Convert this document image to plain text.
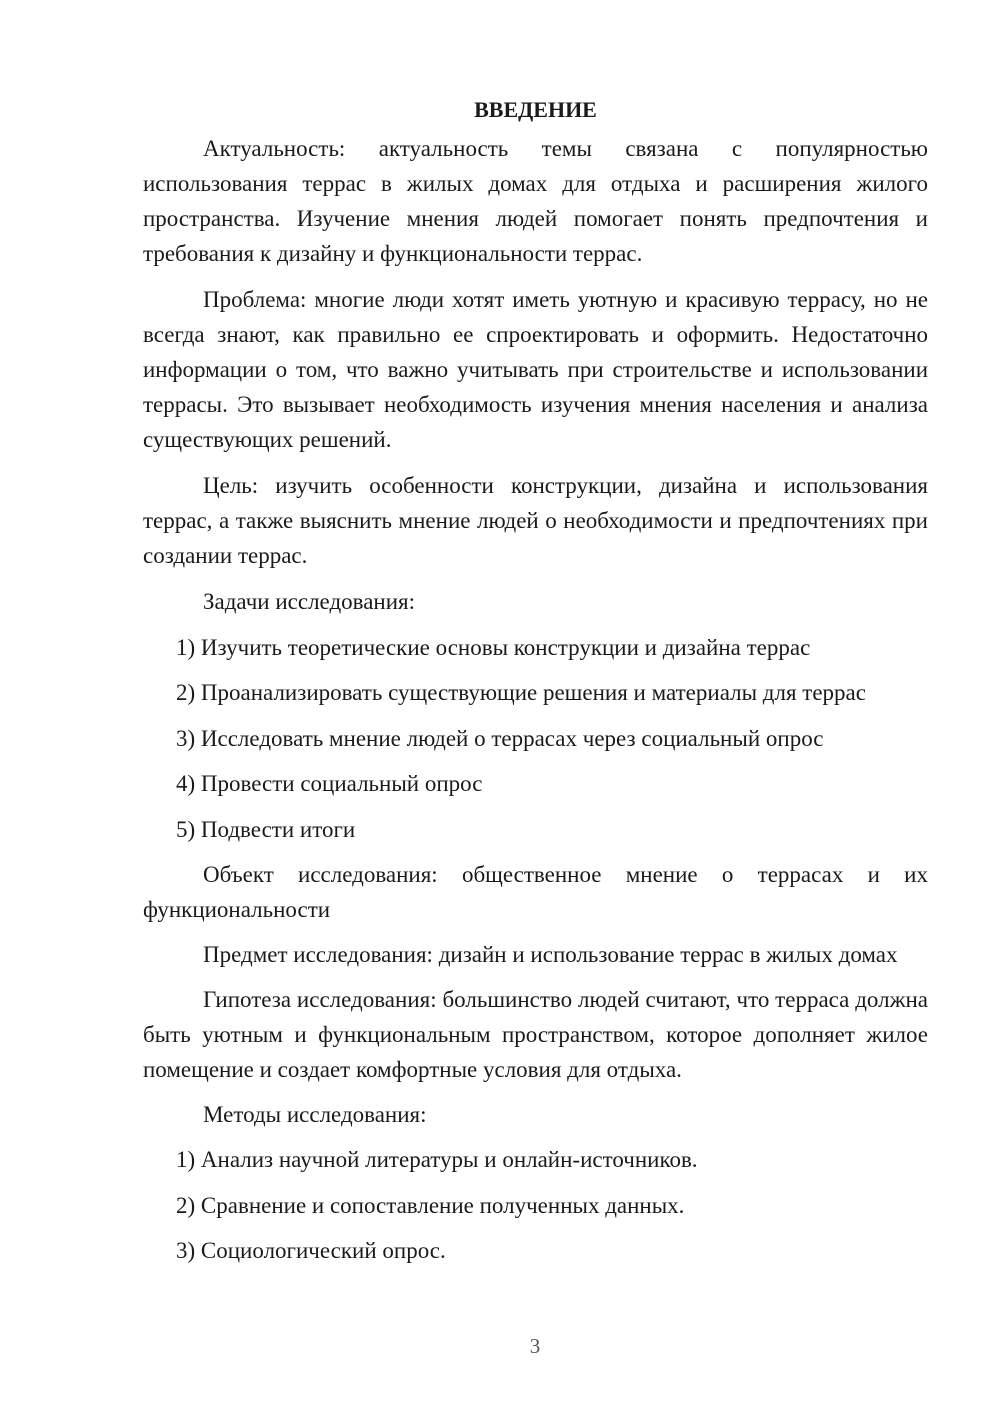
ВВЕДЕНИЕ

Актуальность: актуальность темы связана с популярностью использования террас в жилых домах для отдыха и расширения жилого пространства. Изучение мнения людей помогает понять предпочтения и требования к дизайну и функциональности террас.

Проблема: многие люди хотят иметь уютную и красивую террасу, но не всегда знают, как правильно ее спроектировать и оформить. Недостаточно информации о том, что важно учитывать при строительстве и использовании террасы. Это вызывает необходимость изучения мнения населения и анализа существующих решений.

Цель: изучить особенности конструкции, дизайна и использования террас, а также выяснить мнение людей о необходимости и предпочтениях при создании террас.

Задачи исследования:

1) Изучить теоретические основы конструкции и дизайна террас

2) Проанализировать существующие решения и материалы для террас

3) Исследовать мнение людей о террасах через социальный опрос

4) Провести социальный опрос

5) Подвести итоги

Объект исследования: общественное мнение о террасах и их функциональности

Предмет исследования: дизайн и использование террас в жилых домах

Гипотеза исследования: большинство людей считают, что терраса должна быть уютным и функциональным пространством, которое дополняет жилое помещение и создает комфортные условия для отдыха.

Методы исследования:

1) Анализ научной литературы и онлайн-источников.

2) Сравнение и сопоставление полученных данных.

3) Социологический опрос.

3
